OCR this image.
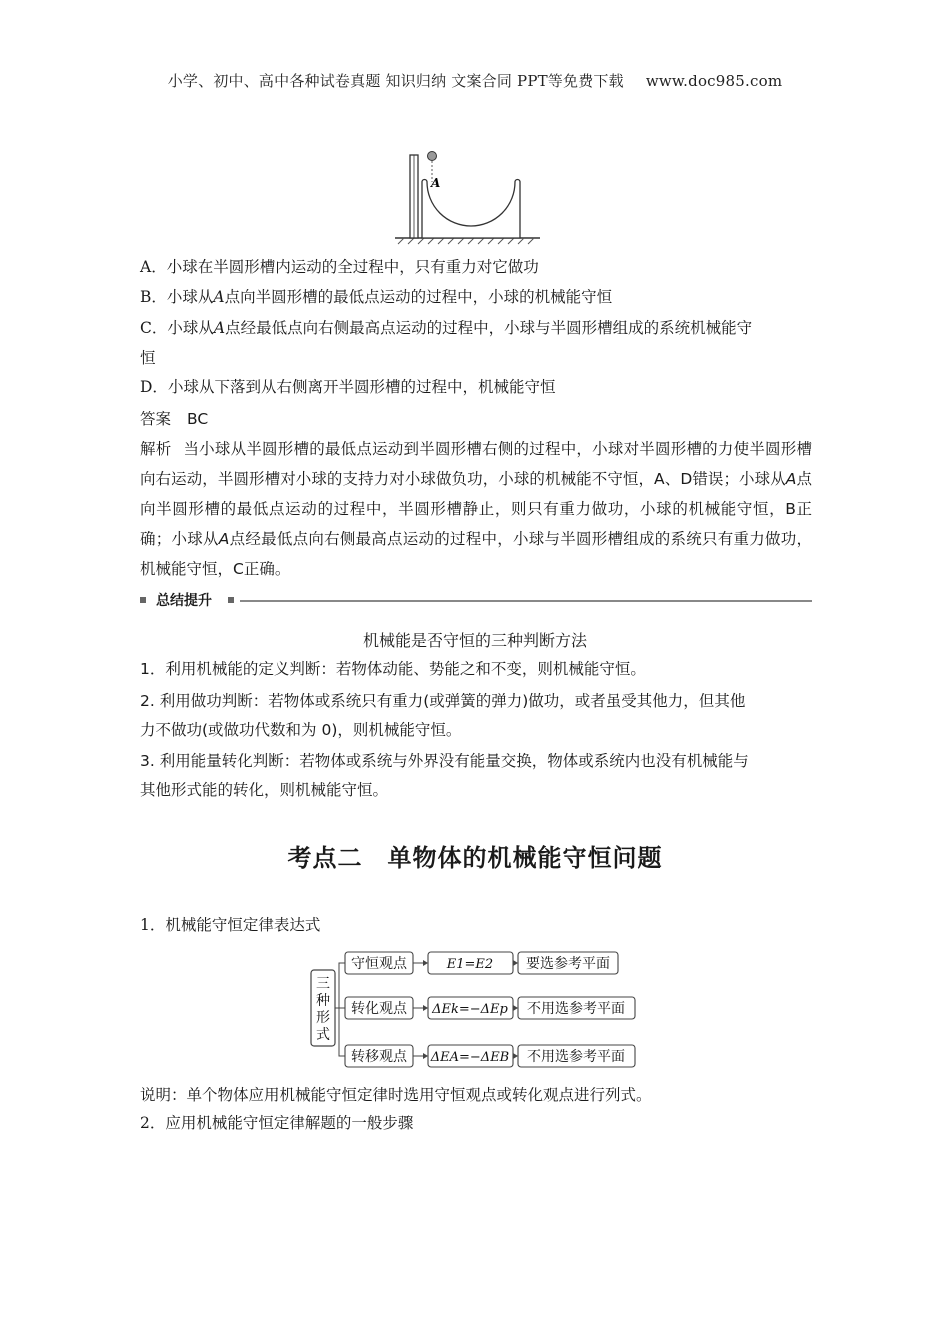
小学、初中、高中各种试卷真题 知识归纳 文案合同 PPT等免费下载 www.doc985.com
A
A．小球在半圆形槽内运动的全过程中，只有重力对它做功
B．小球从A点向半圆形槽的最低点运动的过程中，小球的机械能守恒
C．小球从A点经最低点向右侧最高点运动的过程中，小球与半圆形槽组成的系统机械能守
恒
D．小球从下落到从右侧离开半圆形槽的过程中，机械能守恒
答案 BC
解析 当小球从半圆形槽的最低点运动到半圆形槽右侧的过程中，小球对半圆形槽的力使半圆形槽向右运动，半圆形槽对小球的支持力对小球做负功，小球的机械能不守恒，A、D错误；小球从A点向半圆形槽的最低点运动的过程中，半圆形槽静止，则只有重力做功，小球的机械能守恒，B正确；小球从A点经最低点向右侧最高点运动的过程中，小球与半圆形槽组成的系统只有重力做功，机械能守恒，C正确。
总结提升
机械能是否守恒的三种判断方法
1．利用机械能的定义判断：若物体动能、势能之和不变，则机械能守恒。
2. 利用做功判断：若物体或系统只有重力(或弹簧的弹力)做功，或者虽受其他力，但其他
力不做功(或做功代数和为 0)，则机械能守恒。
3. 利用能量转化判断：若物体或系统与外界没有能量交换，物体或系统内也没有机械能与
其他形式能的转化，则机械能守恒。
考点二　单物体的机械能守恒问题
1．机械能守恒定律表达式
三
种
形
式
守恒观点	E1=E2 要选参考平面
转化观点 ΔEk=−ΔEp 不用选参考平面
转移观点 ΔEA=−ΔEB 不用选参考平面
说明：单个物体应用机械能守恒定律时选用守恒观点或转化观点进行列式。
2．应用机械能守恒定律解题的一般步骤
